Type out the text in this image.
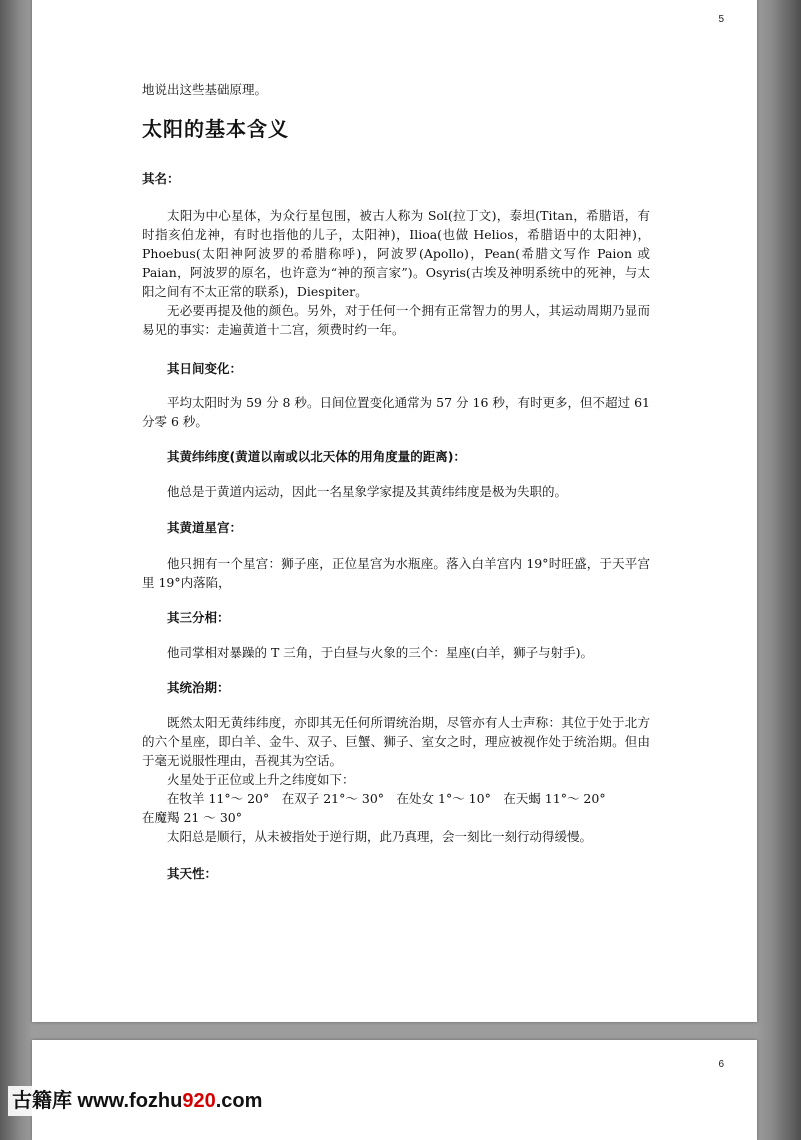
5

地说出这些基础原理。

太阳的基本含义
其名：

太阳为中心星体，为众行星包围，被古人称为 Sol(拉丁文)，泰坦(Titan，希腊语，有时指亥伯龙神，有时也指他的儿子，太阳神)，Ilioa(也做 Helios，希腊语中的太阳神)，Phoebus(太阳神阿波罗的希腊称呼)，阿波罗(Apollo)，Pean(希腊文写作 Paion 或 Paian，阿波罗的原名，也许意为“神的预言家”)。Osyris(古埃及神明系统中的死神，与太阳之间有不太正常的联系)，Diespiter。

无必要再提及他的颜色。另外，对于任何一个拥有正常智力的男人，其运动周期乃显而易见的事实：走遍黄道十二宫，须费时约一年。

其日间变化：

平均太阳时为 59 分 8 秒。日间位置变化通常为 57 分 16 秒，有时更多，但不超过 61 分零 6 秒。

其黄纬纬度(黄道以南或以北天体的用角度量的距离)：

他总是于黄道内运动，因此一名星象学家提及其黄纬纬度是极为失职的。

其黄道星宫：

他只拥有一个星宫：狮子座，正位星宫为水瓶座。落入白羊宫内 19°时旺盛，于天平宫里 19°内落陷，

其三分相：

他司掌相对暴躁的 T 三角，于白昼与火象的三个：星座(白羊，狮子与射手)。

其统治期：

既然太阳无黄纬纬度，亦即其无任何所谓统治期，尽管亦有人士声称：其位于处于北方的六个星座，即白羊、金牛、双子、巨蟹、狮子、室女之时，理应被视作处于统治期。但由于毫无说服性理由，吾视其为空话。

火星处于正位或上升之纬度如下：

在牧羊 11°～ 20°　在双子 21°～ 30°　在处女 1°～ 10°　在天蝎 11°～ 20°

在魔羯 21 ～ 30°

太阳总是顺行，从未被指处于逆行期，此乃真理，会一刻比一刻行动得缓慢。

其天性：
6
古籍库 www.fozhu920.com
